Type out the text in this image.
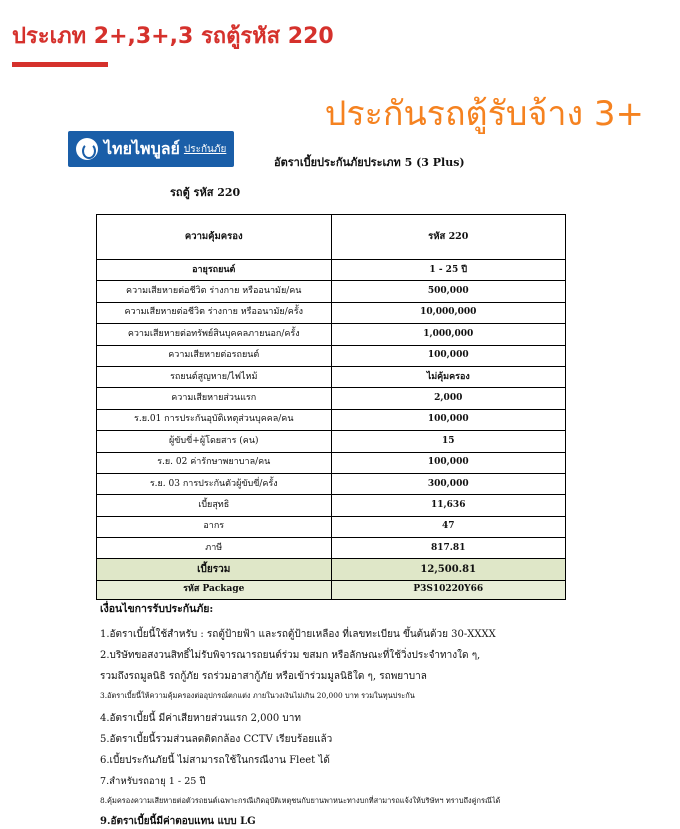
ประเภท 2+,3+,3 รถตู้รหัส 220
ประกันรถตู้รับจ้าง 3+
ไทยไพบูลย์ ประกันภัย
อัตราเบี้ยประกันภัยประเภท 5 (3 Plus)
รถตู้ รหัส 220
ความคุ้มครอง	รหัส 220
อายุรถยนต์	1 - 25 ปี
ความเสียหายต่อชีวิต ร่างกาย หรืออนามัย/คน	500,000
ความเสียหายต่อชีวิต ร่างกาย หรืออนามัย/ครั้ง	10,000,000
ความเสียหายต่อทรัพย์สินบุคคลภายนอก/ครั้ง	1,000,000
ความเสียหายต่อรถยนต์	100,000
รถยนต์สูญหาย/ไฟไหม้	ไม่คุ้มครอง
ความเสียหายส่วนแรก	2,000
ร.ย.01 การประกันอุบัติเหตุส่วนบุคคล/คน	100,000
ผู้ขับขี่+ผู้โดยสาร (คน)	15
ร.ย. 02 ค่ารักษาพยาบาล/คน	100,000
ร.ย. 03 การประกันตัวผู้ขับขี่/ครั้ง	300,000
เบี้ยสุทธิ	11,636
อากร	47
ภาษี	817.81
เบี้ยรวม	12,500.81
รหัส Package	P3S10220Y66

เงื่อนไขการรับประกันภัย:

1.อัตราเบี้ยนี้ใช้สำหรับ : รถตู้ป้ายฟ้า และรถตู้ป้ายเหลือง ที่เลขทะเบียน ขึ้นต้นด้วย 30-XXXX

2.บริษัทขอสงวนสิทธิ์ไม่รับพิจารณารถยนต์ร่วม ขสมก หรือลักษณะที่ใช้วิ่งประจำทางใด ๆ,

รวมถึงรถมูลนิธิ รถกู้ภัย รถร่วมอาสากู้ภัย หรือเข้าร่วมมูลนิธิใด ๆ, รถพยาบาล

3.อัตราเบี้ยนี้ให้ความคุ้มครองต่ออุปกรณ์ตกแต่ง ภายในวงเงินไม่เกิน 20,000 บาท รวมในทุนประกัน

4.อัตราเบี้ยนี้ มีค่าเสียหายส่วนแรก 2,000 บาท

5.อัตราเบี้ยนี้รวมส่วนลดติดกล้อง CCTV เรียบร้อยแล้ว

6.เบี้ยประกันภัยนี้ ไม่สามารถใช้ในกรณีงาน Fleet ได้

7.สำหรับรถอายุ 1 - 25 ปี

8.คุ้มครองความเสียหายต่อตัวรถยนต์เฉพาะกรณีเกิดอุบัติเหตุชนกับยานพาหนะทางบกที่สามารถแจ้งให้บริษัทฯ ทราบถึงคู่กรณีได้

9.อัตราเบี้ยนี้มีค่าตอบแทน แบบ LG
